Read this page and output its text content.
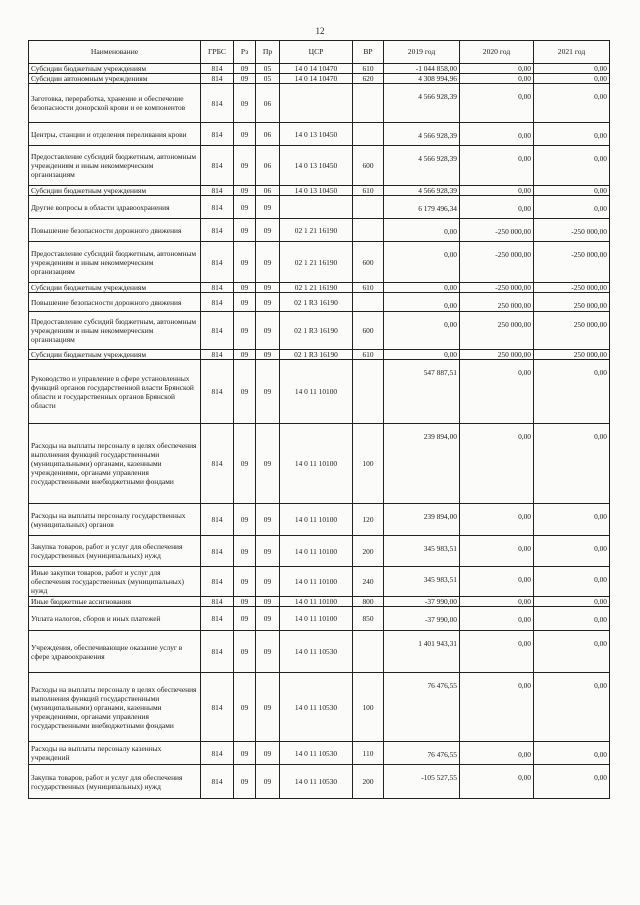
12
Наименование	ГРБС	Рз	Пр	ЦСР	ВР	2019 год	2020 год	2021 год
Субсидии бюджетным учреждениям	814	09	05	14 0 14 10470	610	-1 044 858,00	0,00	0,00
Субсидии автономным учреждениям	814	09	05	14 0 14 10470	620	4 308 994,96	0,00	0,00
Заготовка, переработка, хранение и обеспечение безопасности донорской крови и ее компонентов	814	09	06			4 566 928,39	0,00	0,00
Центры, станции и отделения переливания крови	814	09	06	14 0 13 10450		4 566 928,39	0,00	0,00
Предоставление субсидий бюджетным, автономным учреждениям и иным некоммерческим организациям	814	09	06	14 0 13 10450	600	4 566 928,39	0,00	0,00
Субсидии бюджетным учреждениям	814	09	06	14 0 13 10450	610	4 566 928,39	0,00	0,00
Другие вопросы в области здравоохранения	814	09	09			6 179 496,34	0,00	0,00
Повышение безопасности дорожного движения	814	09	09	02 1 21 16190		0,00	-250 000,00	-250 000,00
Предоставление субсидий бюджетным, автономным учреждениям и иным некоммерческим организациям	814	09	09	02 1 21 16190	600	0,00	-250 000,00	-250 000,00
Субсидии бюджетным учреждениям	814	09	09	02 1 21 16190	610	0,00	-250 000,00	-250 000,00
Повышение безопасности дорожного движения	814	09	09	02 1 R3 16190		0,00	250 000,00	250 000,00
Предоставление субсидий бюджетным, автономным учреждениям и иным некоммерческим организациям	814	09	09	02 1 R3 16190	600	0,00	250 000,00	250 000,00
Субсидии бюджетным учреждениям	814	09	09	02 1 R3 16190	610	0,00	250 000,00	250 000,00
Руководство и управление в сфере установленных функций органов государственной власти Брянской области и государственных органов Брянской области	814	09	09	14 0 11 10100		547 887,51	0,00	0,00
Расходы на выплаты персоналу в целях обеспечения выполнения функций государственными (муниципальными) органами, казенными учреждениями, органами управления государственными внебюджетными фондами	814	09	09	14 0 11 10100	100	239 894,00	0,00	0,00
Расходы на выплаты персоналу государственных (муниципальных) органов	814	09	09	14 0 11 10100	120	239 894,00	0,00	0,00
Закупка товаров, работ и услуг для обеспечения государственных (муниципальных) нужд	814	09	09	14 0 11 10100	200	345 983,51	0,00	0,00
Иные закупки товаров, работ и услуг для обеспечения государственных (муниципальных) нужд	814	09	09	14 0 11 10100	240	345 983,51	0,00	0,00
Иные бюджетные ассигнования	814	09	09	14 0 11 10100	800	-37 990,00	0,00	0,00
Уплата налогов, сборов и иных платежей	814	09	09	14 0 11 10100	850	-37 990,00	0,00	0,00
Учреждения, обеспечивающие оказание услуг в сфере здравоохранения	814	09	09	14 0 11 10530		1 401 943,31	0,00	0,00
Расходы на выплаты персоналу в целях обеспечения выполнения функций государственными (муниципальными) органами, казенными учреждениями, органами управления государственными внебюджетными фондами	814	09	09	14 0 11 10530	100	76 476,55	0,00	0,00
Расходы на выплаты персоналу казенных учреждений	814	09	09	14 0 11 10530	110	76 476,55	0,00	0,00
Закупка товаров, работ и услуг для обеспечения государственных (муниципальных) нужд	814	09	09	14 0 11 10530	200	-105 527,55	0,00	0,00
